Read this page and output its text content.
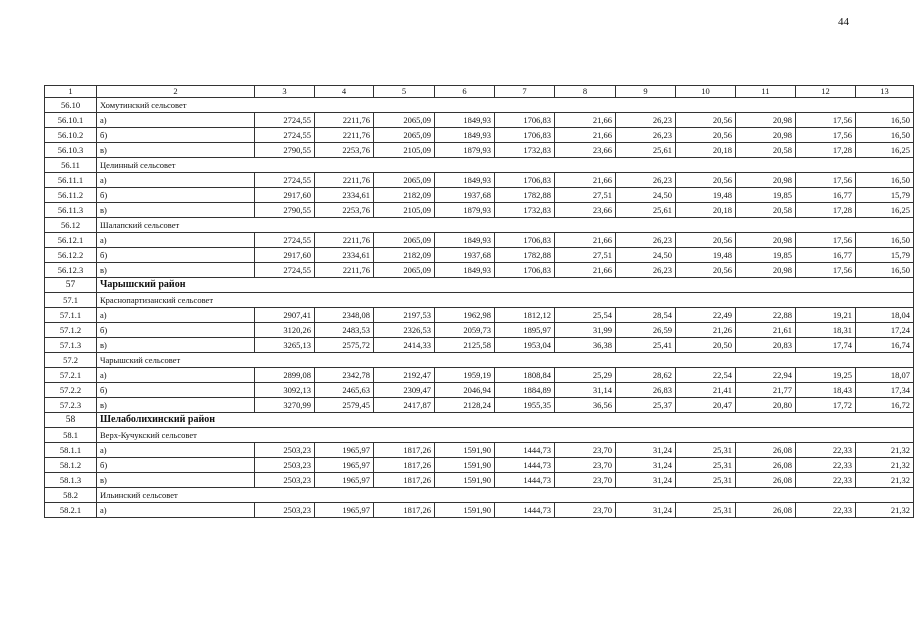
44
1	2	3	4	5	6	7	8	9	10	11	12	13
56.10	Хомутинский сельсовет											
56.10.1	а)	2724,55	2211,76	2065,09	1849,93	1706,83	21,66	26,23	20,56	20,98	17,56	16,50
56.10.2	б)	2724,55	2211,76	2065,09	1849,93	1706,83	21,66	26,23	20,56	20,98	17,56	16,50
56.10.3	в)	2790,55	2253,76	2105,09	1879,93	1732,83	23,66	25,61	20,18	20,58	17,28	16,25
56.11	Целинный сельсовет											
56.11.1	а)	2724,55	2211,76	2065,09	1849,93	1706,83	21,66	26,23	20,56	20,98	17,56	16,50
56.11.2	б)	2917,60	2334,61	2182,09	1937,68	1782,88	27,51	24,50	19,48	19,85	16,77	15,79
56.11.3	в)	2790,55	2253,76	2105,09	1879,93	1732,83	23,66	25,61	20,18	20,58	17,28	16,25
56.12	Шалапский сельсовет											
56.12.1	а)	2724,55	2211,76	2065,09	1849,93	1706,83	21,66	26,23	20,56	20,98	17,56	16,50
56.12.2	б)	2917,60	2334,61	2182,09	1937,68	1782,88	27,51	24,50	19,48	19,85	16,77	15,79
56.12.3	в)	2724,55	2211,76	2065,09	1849,93	1706,83	21,66	26,23	20,56	20,98	17,56	16,50
57	Чарышский район											
57.1	Краснопартизанский сельсовет											
57.1.1	а)	2907,41	2348,08	2197,53	1962,98	1812,12	25,54	28,54	22,49	22,88	19,21	18,04
57.1.2	б)	3120,26	2483,53	2326,53	2059,73	1895,97	31,99	26,59	21,26	21,61	18,31	17,24
57.1.3	в)	3265,13	2575,72	2414,33	2125,58	1953,04	36,38	25,41	20,50	20,83	17,74	16,74
57.2	Чарышский сельсовет											
57.2.1	а)	2899,08	2342,78	2192,47	1959,19	1808,84	25,29	28,62	22,54	22,94	19,25	18,07
57.2.2	б)	3092,13	2465,63	2309,47	2046,94	1884,89	31,14	26,83	21,41	21,77	18,43	17,34
57.2.3	в)	3270,99	2579,45	2417,87	2128,24	1955,35	36,56	25,37	20,47	20,80	17,72	16,72
58	Шелаболихинский район											
58.1	Верх-Кучукский сельсовет											
58.1.1	а)	2503,23	1965,97	1817,26	1591,90	1444,73	23,70	31,24	25,31	26,08	22,33	21,32
58.1.2	б)	2503,23	1965,97	1817,26	1591,90	1444,73	23,70	31,24	25,31	26,08	22,33	21,32
58.1.3	в)	2503,23	1965,97	1817,26	1591,90	1444,73	23,70	31,24	25,31	26,08	22,33	21,32
58.2	Ильинский сельсовет											
58.2.1	а)	2503,23	1965,97	1817,26	1591,90	1444,73	23,70	31,24	25,31	26,08	22,33	21,32
